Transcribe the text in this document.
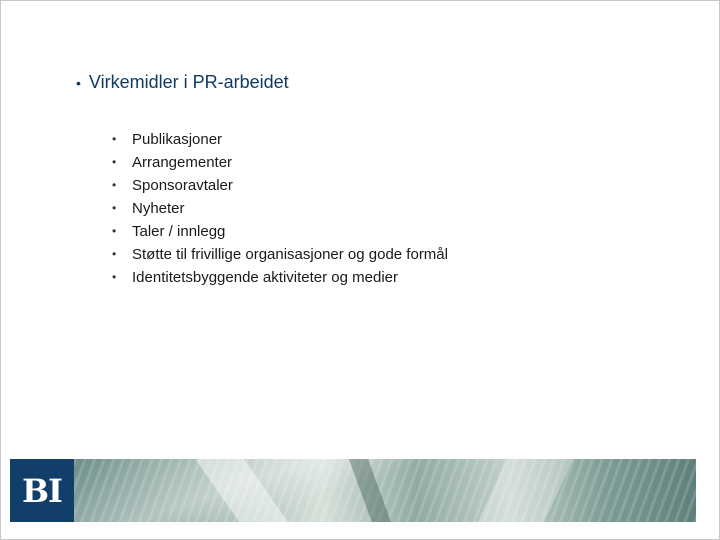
• Virkemidler i PR-arbeidet
•	Publikasjoner
•	Arrangementer
•	Sponsoravtaler
•	Nyheter
•	Taler / innlegg
•	Støtte til frivillige organisasjoner og gode formål
•	Identitetsbyggende aktiviteter og medier
BI
